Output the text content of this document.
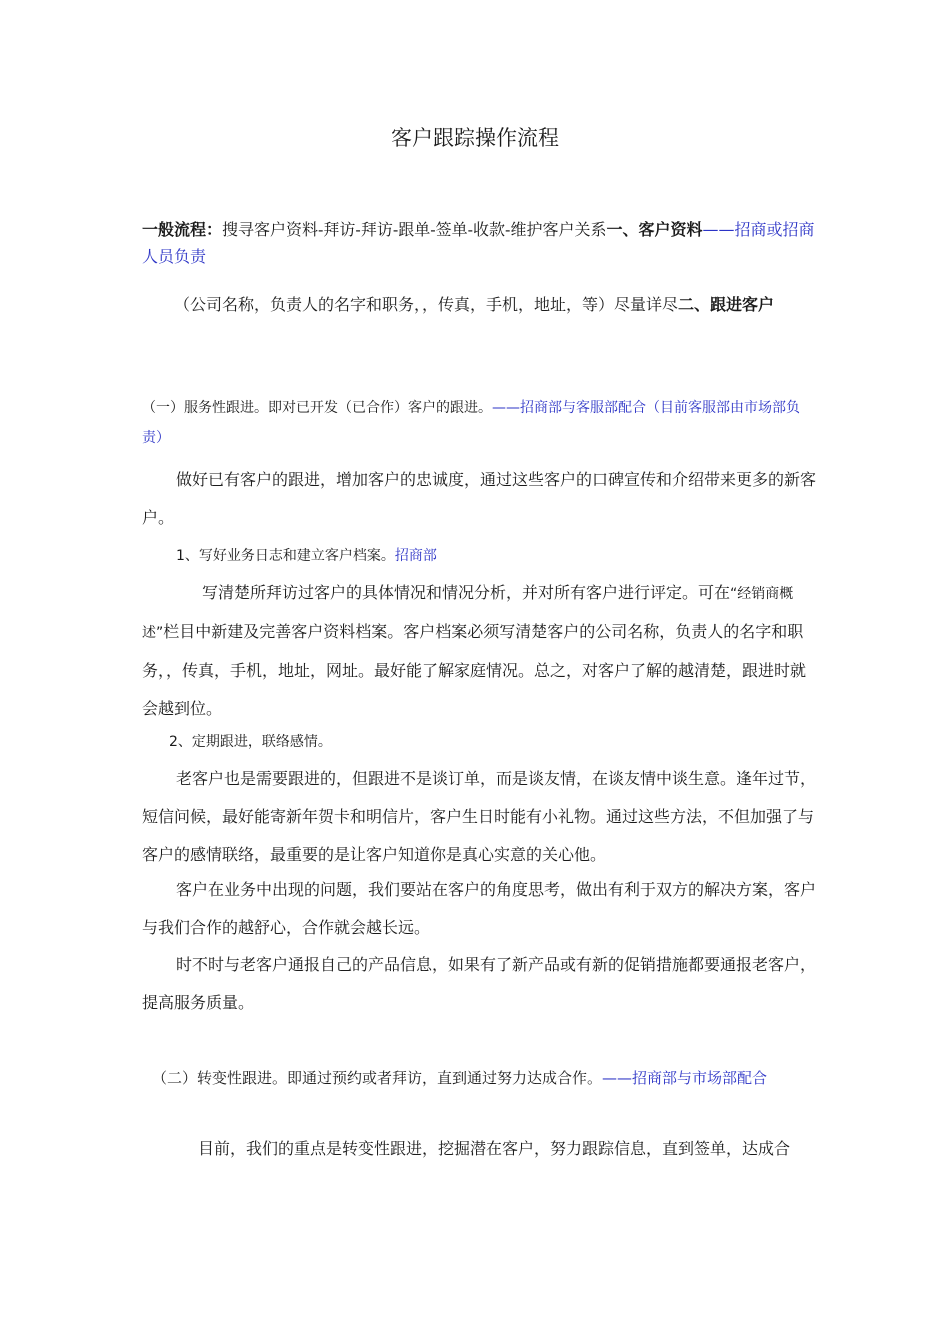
客户跟踪操作流程

一般流程：搜寻客户资料-拜访-拜访-跟单-签单-收款-维护客户关系一、客户资料——招商或招商人员负责

（公司名称，负责人的名字和职务，，传真，手机，地址，等）尽量详尽二、跟进客户

（一）服务性跟进。即对已开发（已合作）客户的跟进。——招商部与客服部配合（目前客服部由市场部负责）

做好已有客户的跟进，增加客户的忠诚度，通过这些客户的口碑宣传和介绍带来更多的新客户。

1、写好业务日志和建立客户档案。招商部

写清楚所拜访过客户的具体情况和情况分析，并对所有客户进行评定。可在“经销商概述”栏目中新建及完善客户资料档案。客户档案必须写清楚客户的公司名称，负责人的名字和职务，，传真，手机，地址，网址。最好能了解家庭情况。总之，对客户了解的越清楚，跟进时就会越到位。

2、定期跟进，联络感情。

老客户也是需要跟进的，但跟进不是谈订单，而是谈友情，在谈友情中谈生意。逢年过节，短信问候，最好能寄新年贺卡和明信片，客户生日时能有小礼物。通过这些方法，不但加强了与客户的感情联络，最重要的是让客户知道你是真心实意的关心他。

客户在业务中出现的问题，我们要站在客户的角度思考，做出有利于双方的解决方案，客户与我们合作的越舒心，合作就会越长远。

时不时与老客户通报自己的产品信息，如果有了新产品或有新的促销措施都要通报老客户，提高服务质量。

（二）转变性跟进。即通过预约或者拜访，直到通过努力达成合作。——招商部与市场部配合

目前，我们的重点是转变性跟进，挖掘潜在客户，努力跟踪信息，直到签单，达成合
